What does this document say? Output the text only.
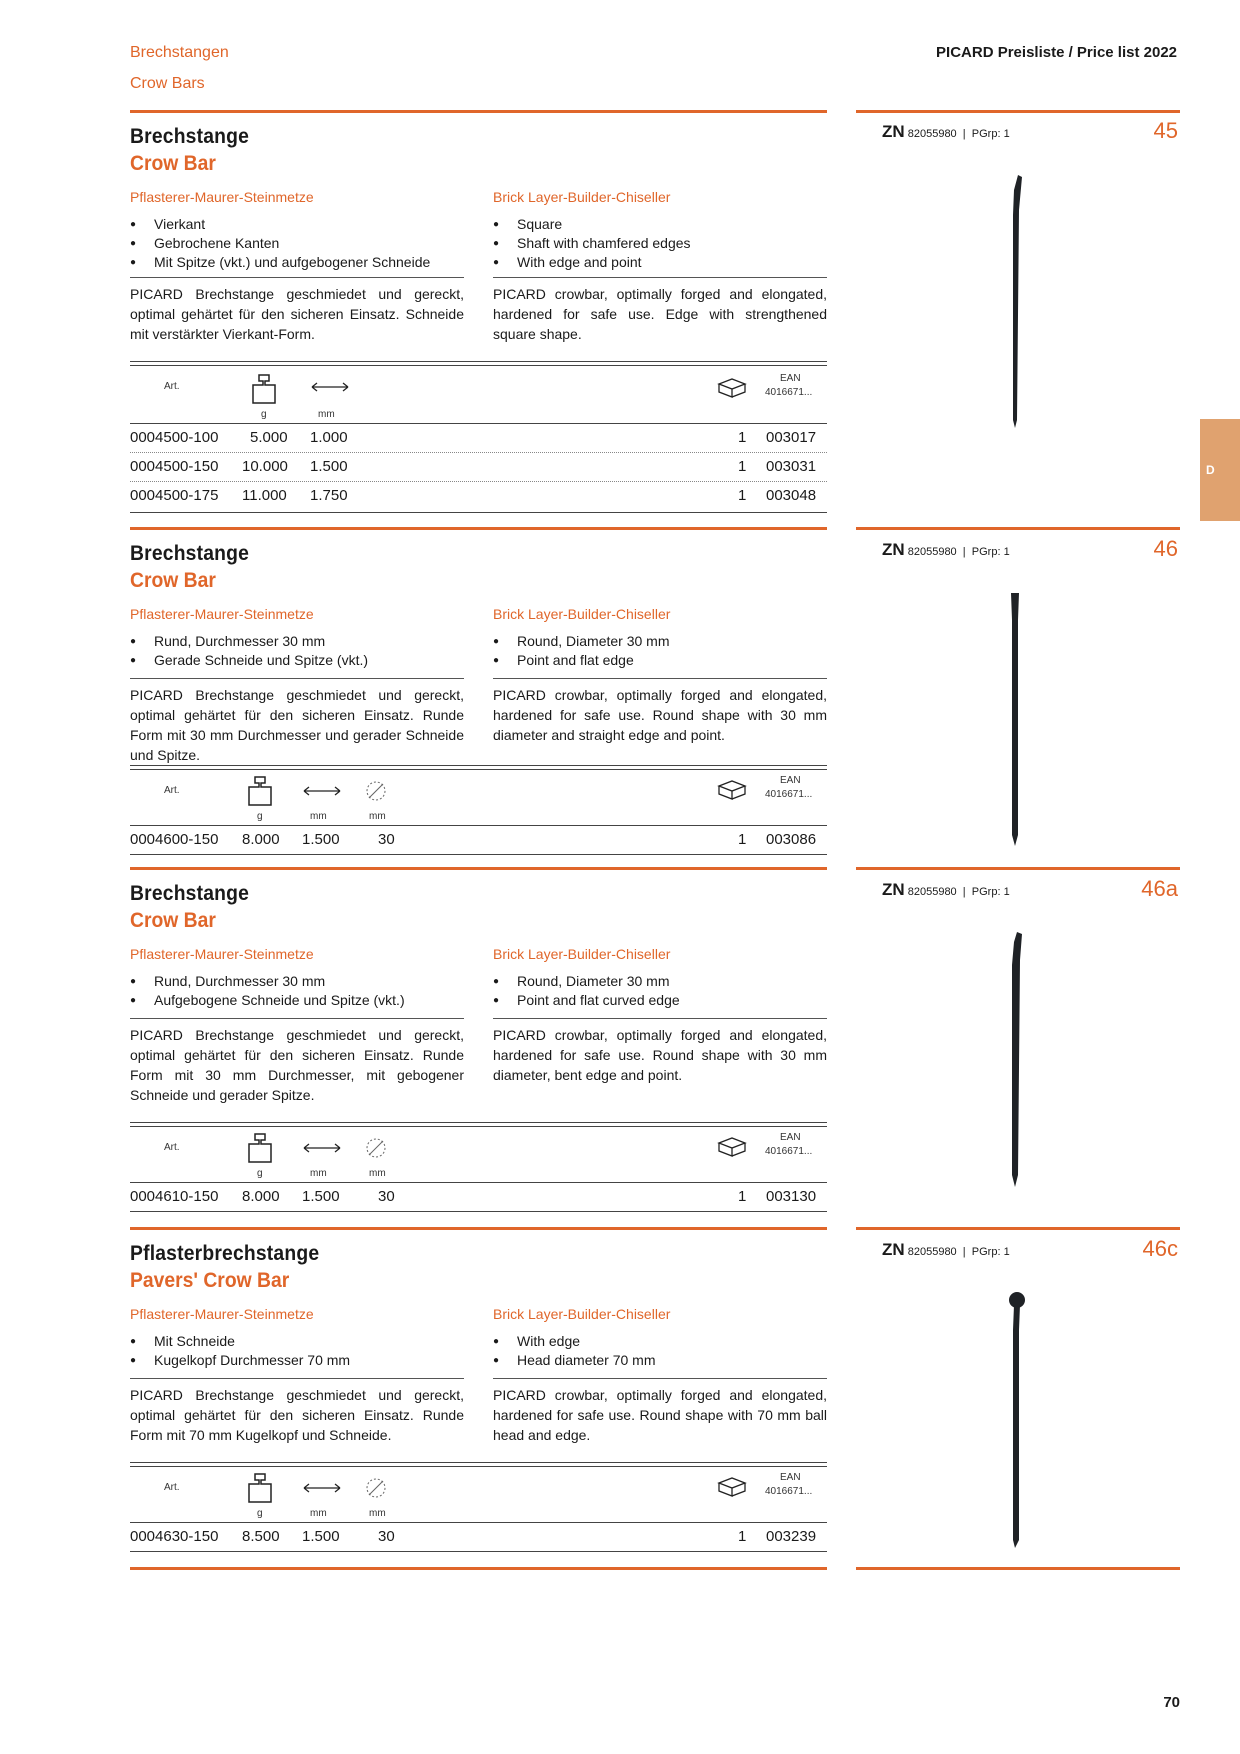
Brechstangen
Crow Bars
PICARD Preisliste / Price list 2022
D
Brechstange
Crow Bar
Pflasterer-Maurer-Steinmetze
● Vierkant
● Gebrochene Kanten
● Mit Spitze (vkt.) und aufgebogener Schneide
Brick Layer-Builder-Chiseller
● Square
● Shaft with chamfered edges
● With edge and point
PICARD Brechstange geschmiedet und gereckt, optimal gehärtet für den sicheren Einsatz. Schneide mit verstärkter Vierkant-Form.
PICARD crowbar, optimally forged and elongated, hardened for safe use. Edge with strengthened square shape.
Art.
g	mm
EAN
4016671...
0004500-100 5.000 1.000	1 003017
0004500-150 10.000 1.500	1 003031
0004500-175 11.000 1.750	1 003048
Brechstange
Crow Bar
Pflasterer-Maurer-Steinmetze
● Rund, Durchmesser 30 mm
● Gerade Schneide und Spitze (vkt.)
Brick Layer-Builder-Chiseller
● Round, Diameter 30 mm
● Point and flat edge
PICARD Brechstange geschmiedet und gereckt, optimal gehärtet für den sicheren Einsatz. Runde Form mit 30 mm Durchmesser und gerader Schneide und Spitze.
PICARD crowbar, optimally forged and elongated, hardened for safe use. Round shape with 30 mm diameter and straight edge and point.
Art.
g	mm	mm
EAN
4016671...
0004600-150 8.000 1.500	30	1 003086
Brechstange
Crow Bar
Pflasterer-Maurer-Steinmetze
● Rund, Durchmesser 30 mm
● Aufgebogene Schneide und Spitze (vkt.)
Brick Layer-Builder-Chiseller
● Round, Diameter 30 mm
● Point and flat curved edge
PICARD Brechstange geschmiedet und gereckt, optimal gehärtet für den sicheren Einsatz. Runde Form mit 30 mm Durchmesser, mit gebogener Schneide und gerader Spitze.
PICARD crowbar, optimally forged and elongated, hardened for safe use. Round shape with 30 mm diameter, bent edge and point.
Art.
g	mm	mm
EAN
4016671...
0004610-150 8.000 1.500	30	1 003130
Pflasterbrechstange
Pavers' Crow Bar
Pflasterer-Maurer-Steinmetze
● Mit Schneide
● Kugelkopf Durchmesser 70 mm
Brick Layer-Builder-Chiseller
● With edge
● Head diameter 70 mm
PICARD Brechstange geschmiedet und gereckt, optimal gehärtet für den sicheren Einsatz. Runde Form mit 70 mm Kugelkopf und Schneide.
PICARD crowbar, optimally forged and elongated, hardened for safe use. Round shape with 70 mm ball head and edge.
Art.
g	mm	mm
EAN
4016671...
0004630-150 8.500 1.500	30	1 003239
ZN 82055980  |  PGrp: 1	45
ZN 82055980  |  PGrp: 1	46
ZN 82055980  |  PGrp: 1	46a
ZN 82055980  |  PGrp: 1	46c
70
